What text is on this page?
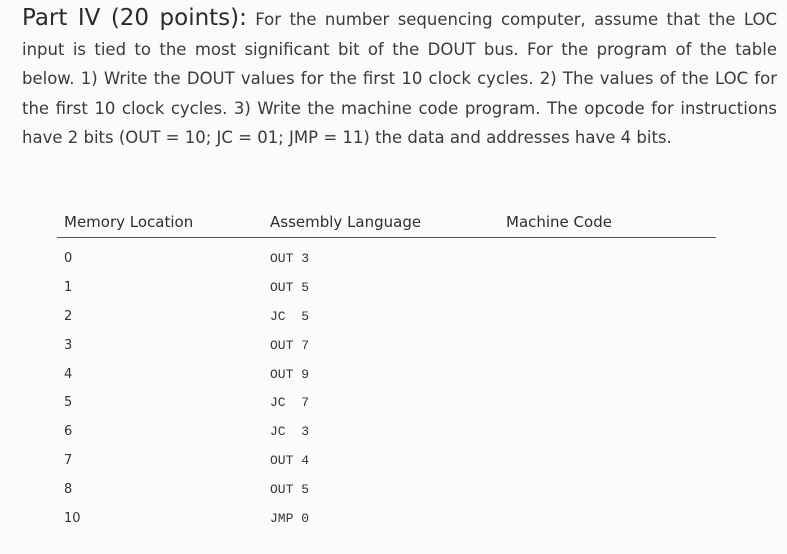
Part IV (20 points): For the number sequencing computer, assume that the LOC input is tied to the most significant bit of the DOUT bus. For the program of the table below. 1) Write the DOUT values for the first 10 clock cycles. 2) The values of the LOC for the first 10 clock cycles. 3) Write the machine code program. The opcode for instructions have 2 bits (OUT = 10; JC = 01; JMP = 11) the data and addresses have 4 bits.
Memory Location	Assembly Language	Machine Code
0	OUT 3
1	OUT 5
2	JC  5
3	OUT 7
4	OUT 9
5	JC  7
6	JC  3
7	OUT 4
8	OUT 5
10	JMP 0
